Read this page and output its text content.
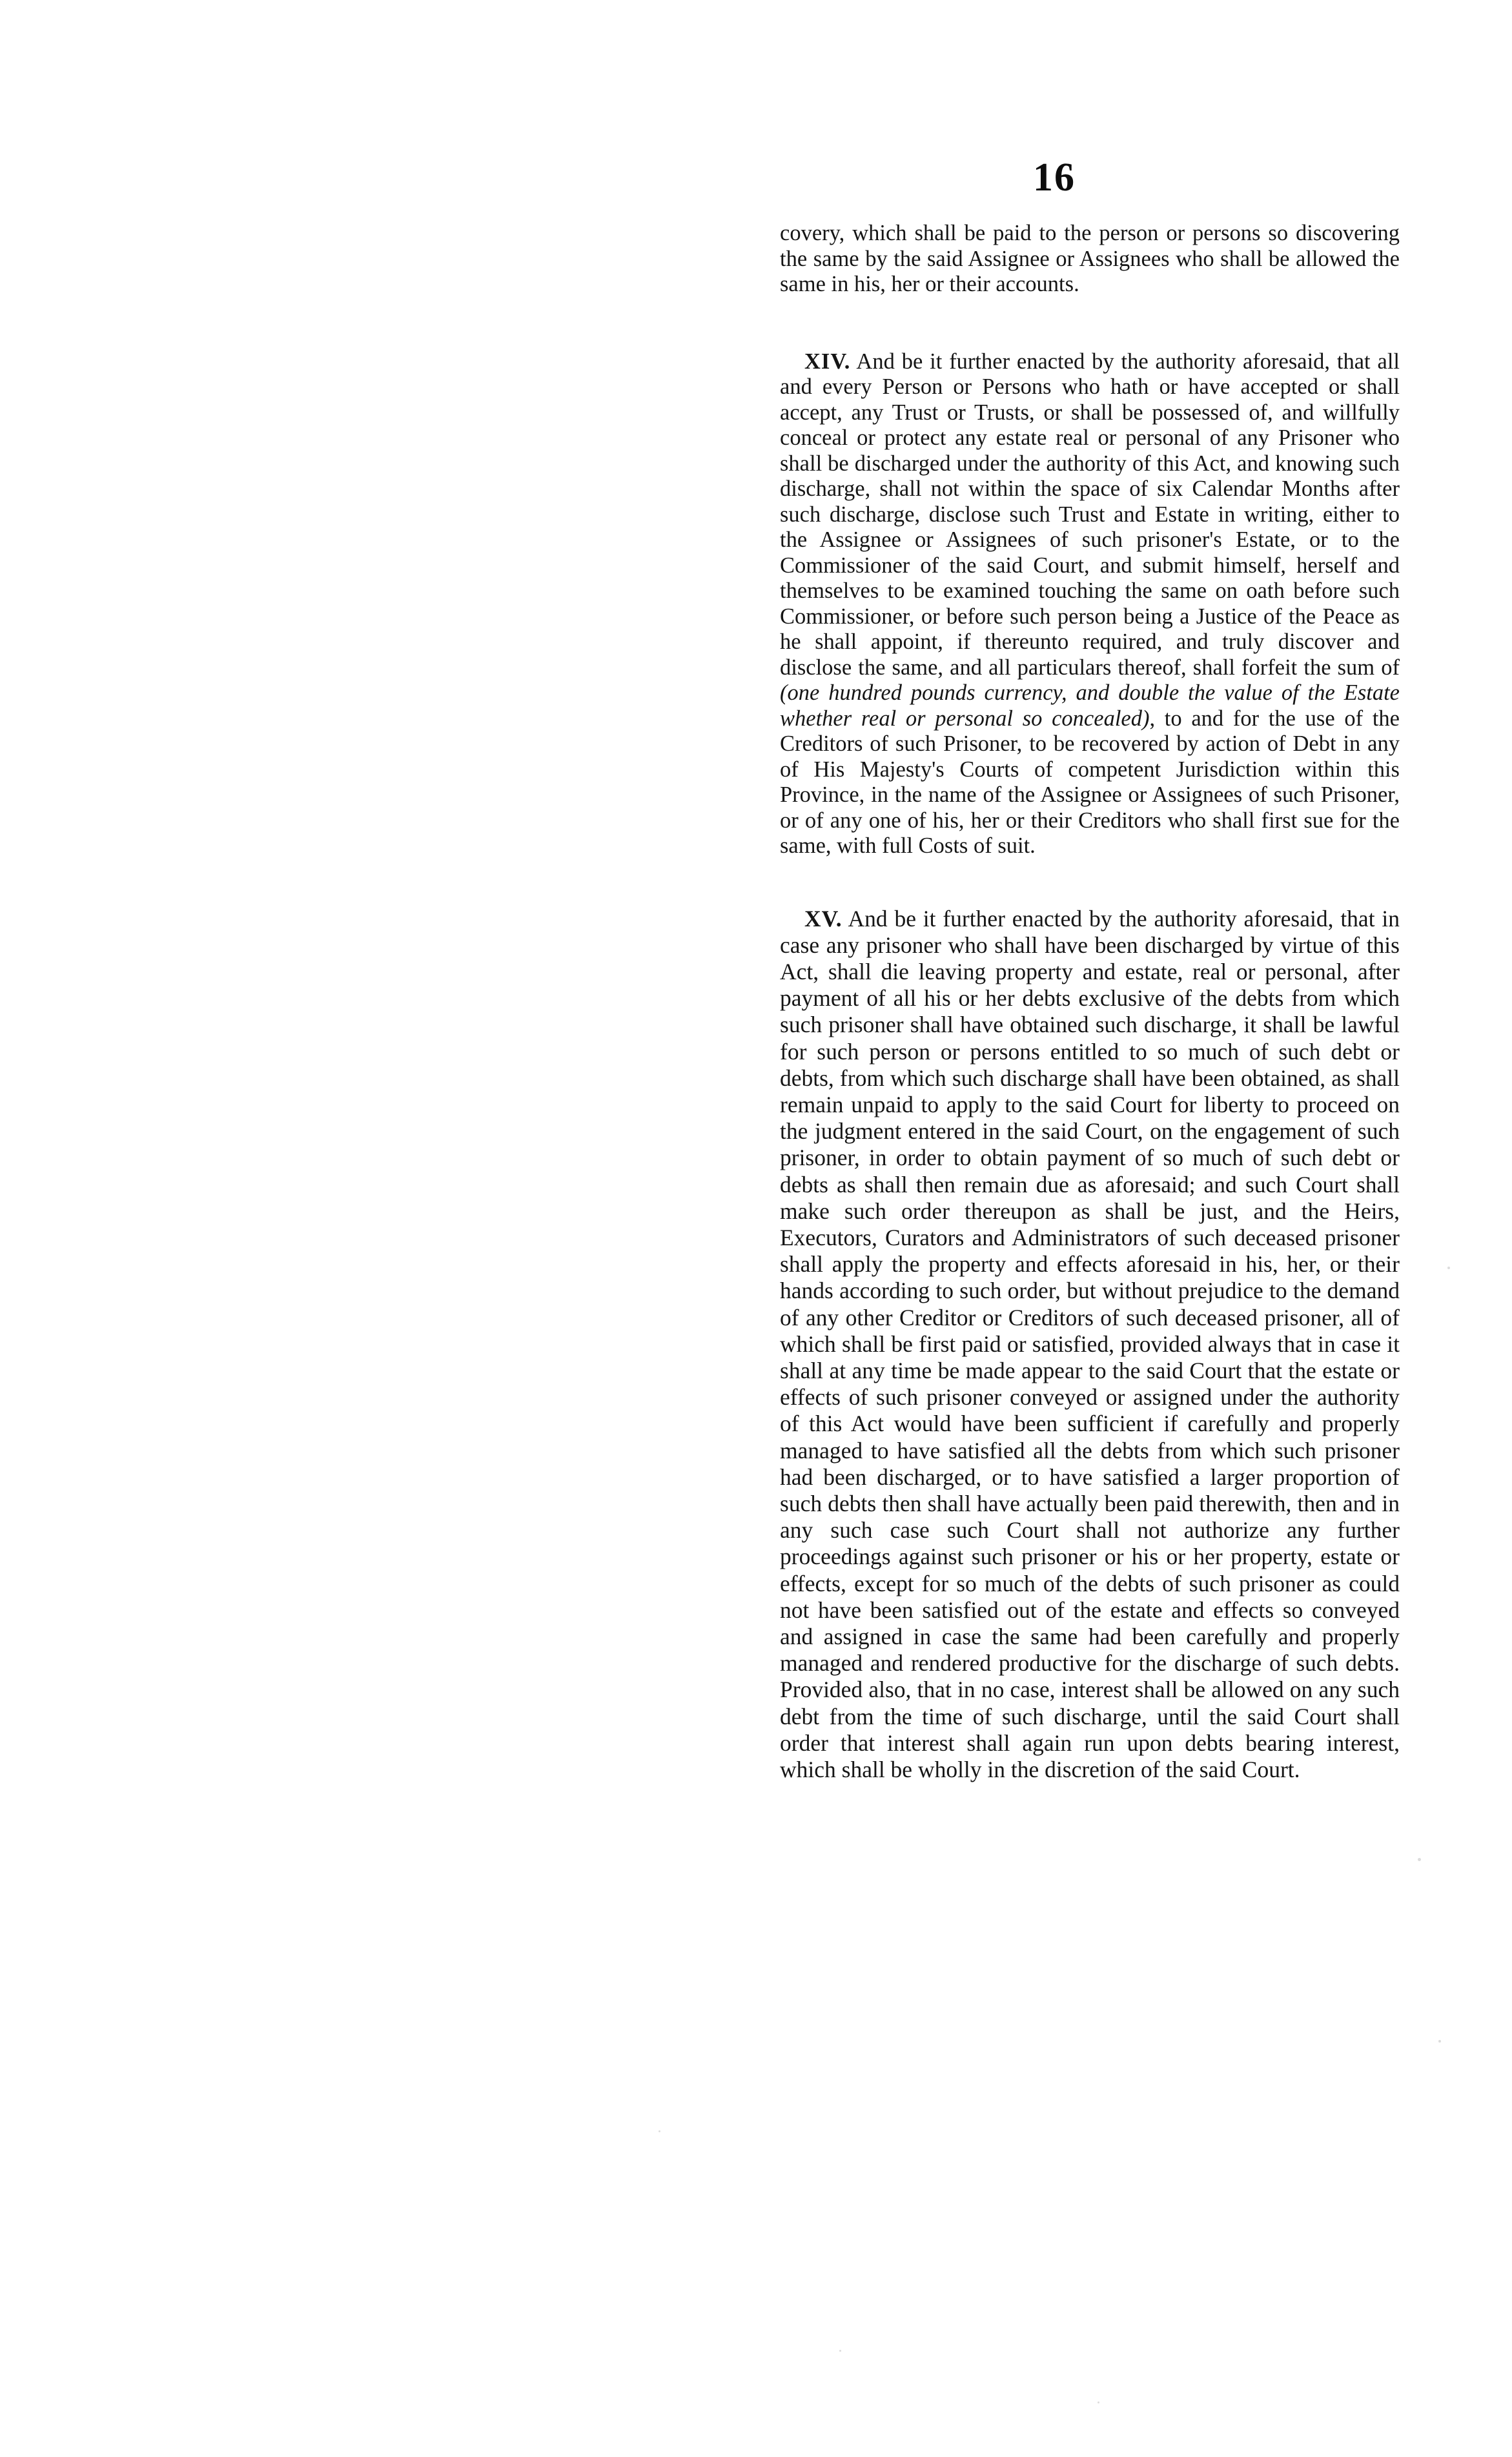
16

covery, which shall be paid to the person or persons so discovering the same by the said Assignee or Assignees who shall be allowed the same in his, her or their accounts.

XIV. And be it further enacted by the authority aforesaid, that all and every Person or Persons who hath or have accepted or shall accept, any Trust or Trusts, or shall be possessed of, and willfully conceal or protect any estate real or personal of any Prisoner who shall be discharged under the authority of this Act, and knowing such discharge, shall not within the space of six Calendar Months after such discharge, disclose such Trust and Estate in writing, either to the Assignee or Assignees of such prisoner's Estate, or to the Commissioner of the said Court, and submit himself, herself and themselves to be examined touching the same on oath before such Commissioner, or before such person being a Justice of the Peace as he shall appoint, if thereunto required, and truly discover and disclose the same, and all particulars thereof, shall forfeit the sum of (one hundred pounds currency, and double the value of the Estate whether real or personal so concealed), to and for the use of the Creditors of such Prisoner, to be recovered by action of Debt in any of His Majesty's Courts of competent Jurisdiction within this Province, in the name of the Assignee or Assignees of such Prisoner, or of any one of his, her or their Creditors who shall first sue for the same, with full Costs of suit.

XV. And be it further enacted by the authority aforesaid, that in case any prisoner who shall have been discharged by virtue of this Act, shall die leaving property and estate, real or personal, after payment of all his or her debts exclusive of the debts from which such prisoner shall have obtained such discharge, it shall be lawful for such person or persons entitled to so much of such debt or debts, from which such discharge shall have been obtained, as shall remain unpaid to apply to the said Court for liberty to proceed on the judgment entered in the said Court, on the engagement of such prisoner, in order to obtain payment of so much of such debt or debts as shall then remain due as aforesaid; and such Court shall make such order thereupon as shall be just, and the Heirs, Executors, Curators and Administrators of such deceased prisoner shall apply the property and effects aforesaid in his, her, or their hands according to such order, but without prejudice to the demand of any other Creditor or Creditors of such deceased prisoner, all of which shall be first paid or satisfied, provided always that in case it shall at any time be made appear to the said Court that the estate or effects of such prisoner conveyed or assigned under the authority of this Act would have been sufficient if carefully and properly managed to have satisfied all the debts from which such prisoner had been discharged, or to have satisfied a larger proportion of such debts then shall have actually been paid therewith, then and in any such case such Court shall not authorize any further proceedings against such prisoner or his or her property, estate or effects, except for so much of the debts of such prisoner as could not have been satisfied out of the estate and effects so conveyed and assigned in case the same had been carefully and properly managed and rendered productive for the discharge of such debts. Provided also, that in no case, interest shall be allowed on any such debt from the time of such discharge, until the said Court shall order that interest shall again run upon debts bearing interest, which shall be wholly in the discretion of the said Court.
